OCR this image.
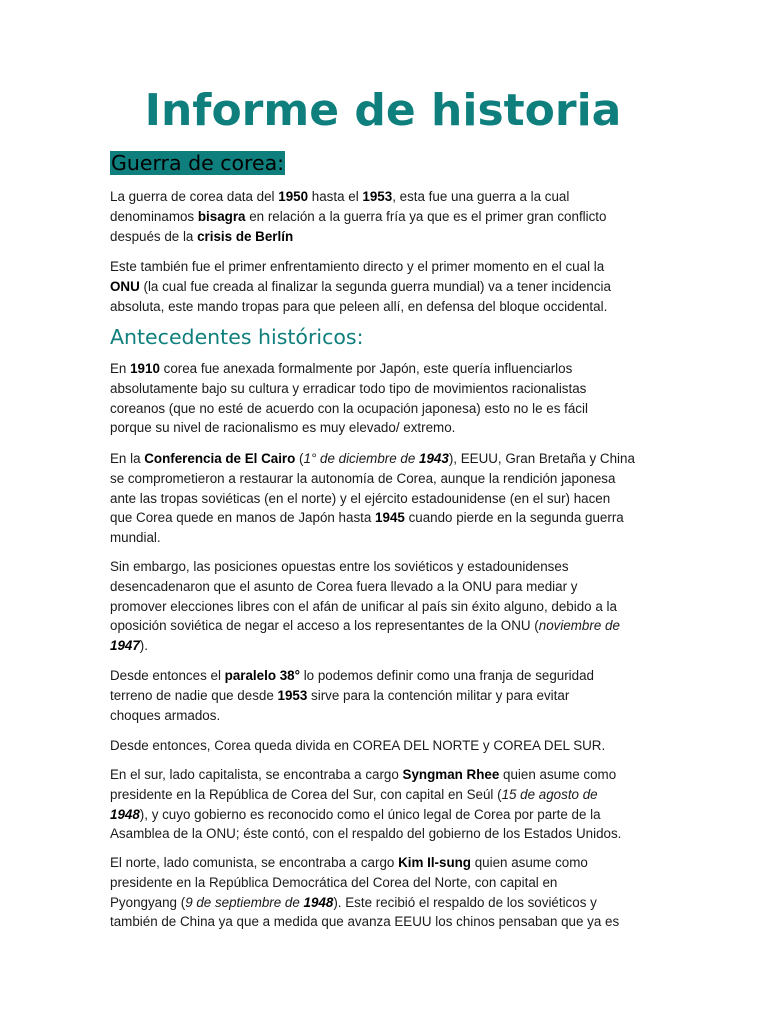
Informe de historia
Guerra de corea:
La guerra de corea data del 1950 hasta el 1953, esta fue una guerra a la cual
denominamos bisagra en relación a la guerra fría ya que es el primer gran conflicto
después de la crisis de Berlín
Este también fue el primer enfrentamiento directo y el primer momento en el cual la
ONU (la cual fue creada al finalizar la segunda guerra mundial) va a tener incidencia
absoluta, este mando tropas para que peleen allí, en defensa del bloque occidental.
Antecedentes históricos:
En 1910 corea fue anexada formalmente por Japón, este quería influenciarlos
absolutamente bajo su cultura y erradicar todo tipo de movimientos racionalistas
coreanos (que no esté de acuerdo con la ocupación japonesa) esto no le es fácil
porque su nivel de racionalismo es muy elevado/ extremo.
En la Conferencia de El Cairo (1° de diciembre de 1943), EEUU, Gran Bretaña y China
se comprometieron a restaurar la autonomía de Corea, aunque la rendición japonesa
ante las tropas soviéticas (en el norte) y el ejército estadounidense (en el sur) hacen
que Corea quede en manos de Japón hasta 1945 cuando pierde en la segunda guerra
mundial.
Sin embargo, las posiciones opuestas entre los soviéticos y estadounidenses
desencadenaron que el asunto de Corea fuera llevado a la ONU para mediar y
promover elecciones libres con el afán de unificar al país sin éxito alguno, debido a la
oposición soviética de negar el acceso a los representantes de la ONU (noviembre de
1947).
Desde entonces el paralelo 38° lo podemos definir como una franja de seguridad
terreno de nadie que desde 1953 sirve para la contención militar y para evitar
choques armados.
Desde entonces, Corea queda divida en COREA DEL NORTE y COREA DEL SUR.
En el sur, lado capitalista, se encontraba a cargo Syngman Rhee quien asume como
presidente en la República de Corea del Sur, con capital en Seúl (15 de agosto de
1948), y cuyo gobierno es reconocido como el único legal de Corea por parte de la
Asamblea de la ONU; éste contó, con el respaldo del gobierno de los Estados Unidos.
El norte, lado comunista, se encontraba a cargo Kim Il-sung quien asume como
presidente en la República Democrática del Corea del Norte, con capital en
Pyongyang (9 de septiembre de 1948). Este recibió el respaldo de los soviéticos y
también de China ya que a medida que avanza EEUU los chinos pensaban que ya es
